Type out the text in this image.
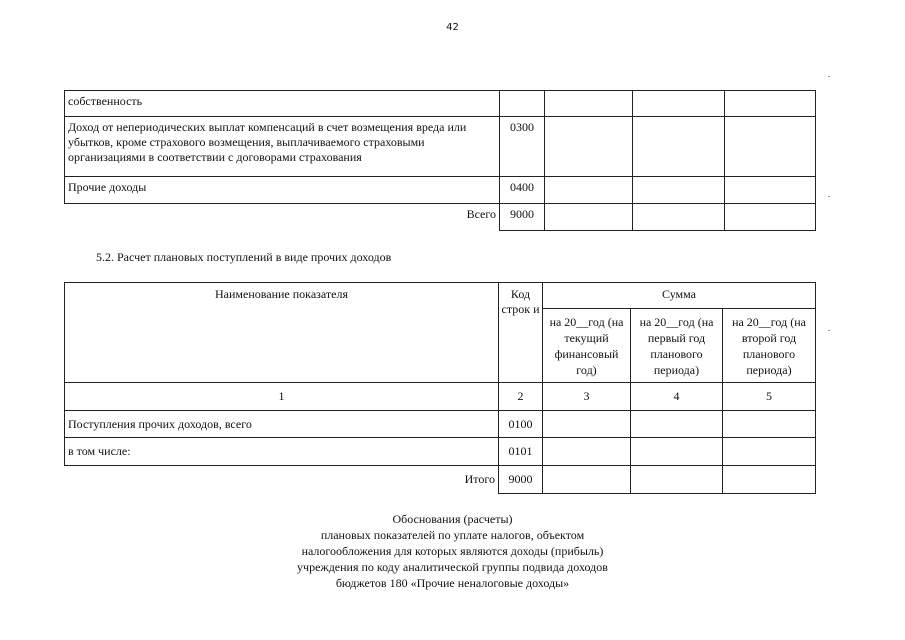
42
собственность				
Доход от непериодических выплат компенсаций в счет возмещения вреда или убытков, кроме страхового возмещения, выплачиваемого страховыми организациями в соответствии с договорами страхования	0300			
Прочие доходы	0400			
Всего	9000			
5.2. Расчет плановых поступлений в виде прочих доходов
Наименование показателя	Код строк и	Сумма		
		на 20__год (на текущий финансовый год)	на 20__год (на первый год планового периода)	на 20__год (на второй год планового периода)
1	2	3	4	5
Поступления прочих доходов, всего	0100			
в том числе:	0101			
Итого	9000			
Обоснования (расчеты)
плановых показателей по уплате налогов, объектом
налогообложения для которых являются доходы (прибыль)
учреждения по коду аналитической группы подвида доходов
бюджетов 180 «Прочие неналоговые доходы»
